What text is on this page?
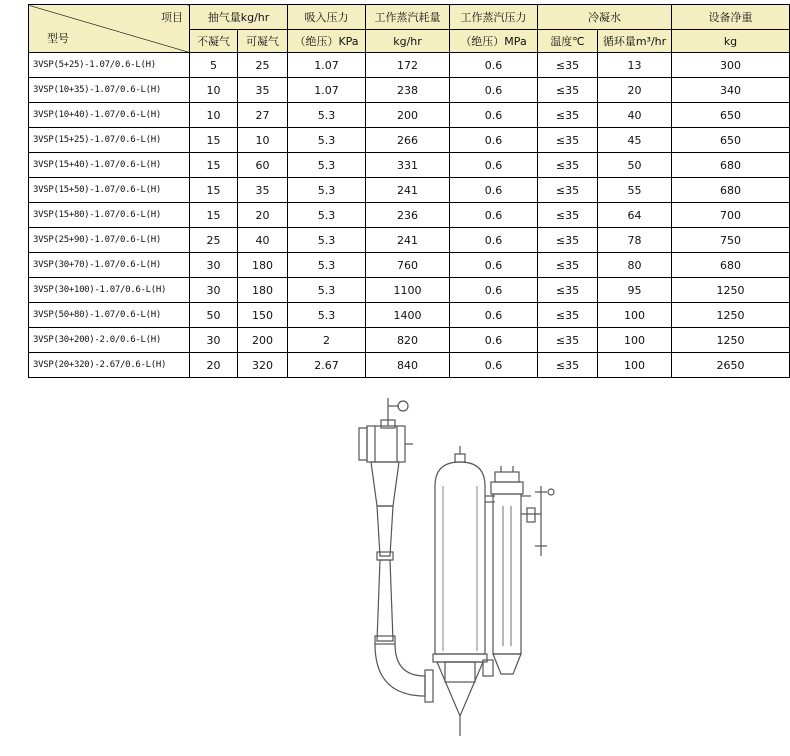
项目
型号	抽气量kg/hr		吸入压力	工作蒸汽耗量	工作蒸汽压力	冷凝水		设备净重
	不凝气	可凝气	（绝压）KPa	kg/hr	（绝压）MPa	温度℃	循环量m³/hr	kg
3VSP(5+25)-1.07/0.6-L(H)	5	25	1.07	172	0.6	≤35	13	300
3VSP(10+35)-1.07/0.6-L(H)	10	35	1.07	238	0.6	≤35	20	340
3VSP(10+40)-1.07/0.6-L(H)	10	27	5.3	200	0.6	≤35	40	650
3VSP(15+25)-1.07/0.6-L(H)	15	10	5.3	266	0.6	≤35	45	650
3VSP(15+40)-1.07/0.6-L(H)	15	60	5.3	331	0.6	≤35	50	680
3VSP(15+50)-1.07/0.6-L(H)	15	35	5.3	241	0.6	≤35	55	680
3VSP(15+80)-1.07/0.6-L(H)	15	20	5.3	236	0.6	≤35	64	700
3VSP(25+90)-1.07/0.6-L(H)	25	40	5.3	241	0.6	≤35	78	750
3VSP(30+70)-1.07/0.6-L(H)	30	180	5.3	760	0.6	≤35	80	680
3VSP(30+100)-1.07/0.6-L(H)	30	180	5.3	1100	0.6	≤35	95	1250
3VSP(50+80)-1.07/0.6-L(H)	50	150	5.3	1400	0.6	≤35	100	1250
3VSP(30+200)-2.0/0.6-L(H)	30	200	2	820	0.6	≤35	100	1250
3VSP(20+320)-2.67/0.6-L(H)	20	320	2.67	840	0.6	≤35	100	2650
